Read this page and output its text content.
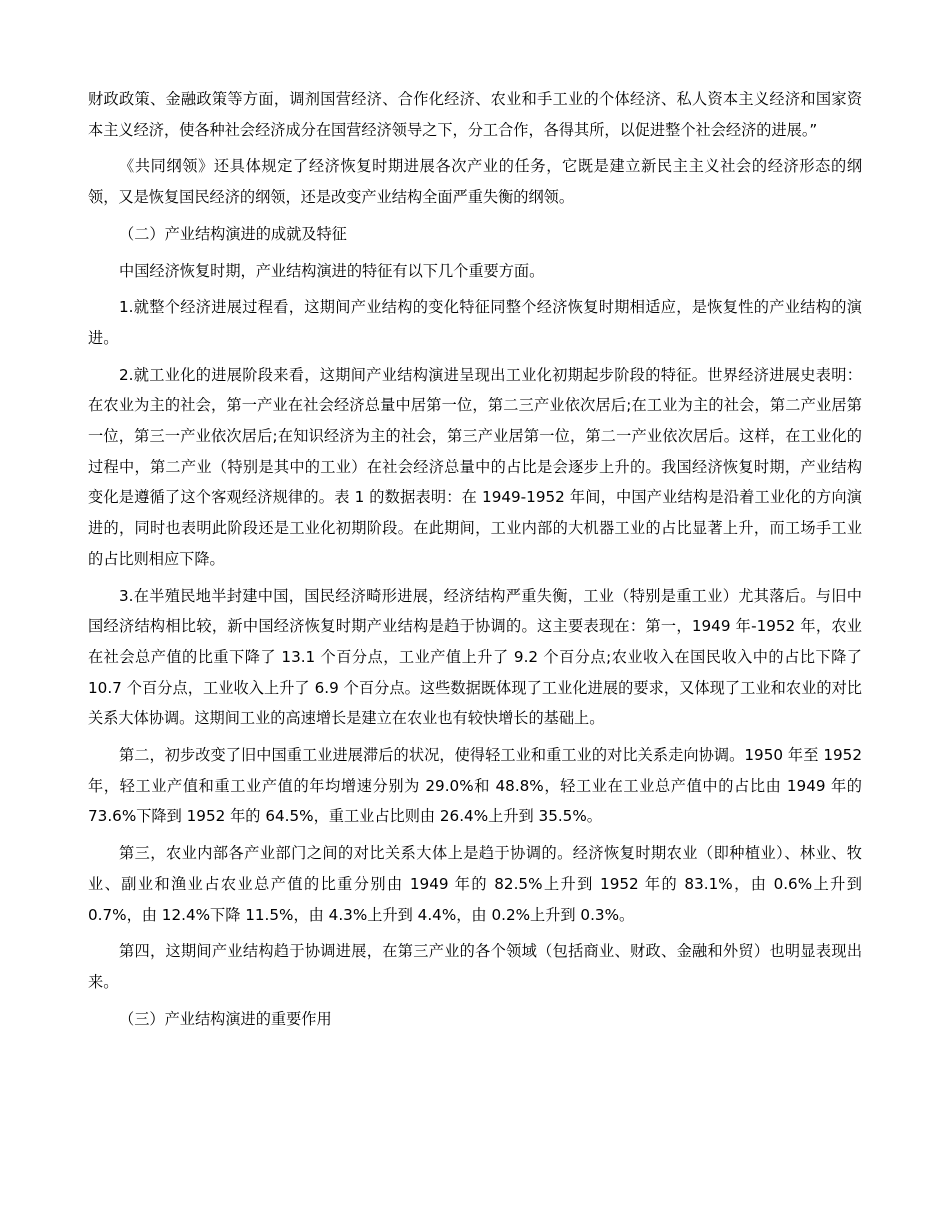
财政政策、金融政策等方面，调剂国营经济、合作化经济、农业和手工业的个体经济、私人资本主义经济和国家资本主义经济，使各种社会经济成分在国营经济领导之下，分工合作，各得其所，以促进整个社会经济的进展。”

《共同纲领》还具体规定了经济恢复时期进展各次产业的任务，它既是建立新民主主义社会的经济形态的纲领，又是恢复国民经济的纲领，还是改变产业结构全面严重失衡的纲领。

（二）产业结构演进的成就及特征

中国经济恢复时期，产业结构演进的特征有以下几个重要方面。

1.就整个经济进展过程看，这期间产业结构的变化特征同整个经济恢复时期相适应，是恢复性的产业结构的演进。

2.就工业化的进展阶段来看，这期间产业结构演进呈现出工业化初期起步阶段的特征。世界经济进展史表明：在农业为主的社会，第一产业在社会经济总量中居第一位，第二三产业依次居后;在工业为主的社会，第二产业居第一位，第三一产业依次居后;在知识经济为主的社会，第三产业居第一位，第二一产业依次居后。这样，在工业化的过程中，第二产业（特别是其中的工业）在社会经济总量中的占比是会逐步上升的。我国经济恢复时期，产业结构变化是遵循了这个客观经济规律的。表 1 的数据表明：在 1949-1952 年间，中国产业结构是沿着工业化的方向演进的，同时也表明此阶段还是工业化初期阶段。在此期间，工业内部的大机器工业的占比显著上升，而工场手工业的占比则相应下降。

3.在半殖民地半封建中国，国民经济畸形进展，经济结构严重失衡，工业（特别是重工业）尤其落后。与旧中国经济结构相比较，新中国经济恢复时期产业结构是趋于协调的。这主要表现在：第一，1949 年-1952 年，农业在社会总产值的比重下降了 13.1 个百分点，工业产值上升了 9.2 个百分点;农业收入在国民收入中的占比下降了 10.7 个百分点，工业收入上升了 6.9 个百分点。这些数据既体现了工业化进展的要求，又体现了工业和农业的对比关系大体协调。这期间工业的高速增长是建立在农业也有较快增长的基础上。

第二，初步改变了旧中国重工业进展滞后的状况，使得轻工业和重工业的对比关系走向协调。1950 年至 1952 年，轻工业产值和重工业产值的年均增速分别为 29.0%和 48.8%，轻工业在工业总产值中的占比由 1949 年的 73.6%下降到 1952 年的 64.5%，重工业占比则由 26.4%上升到 35.5%。

第三，农业内部各产业部门之间的对比关系大体上是趋于协调的。经济恢复时期农业（即种植业）、林业、牧业、副业和渔业占农业总产值的比重分别由 1949 年的 82.5%上升到 1952 年的 83.1%，由 0.6%上升到 0.7%，由 12.4%下降 11.5%，由 4.3%上升到 4.4%，由 0.2%上升到 0.3%。

第四，这期间产业结构趋于协调进展，在第三产业的各个领域（包括商业、财政、金融和外贸）也明显表现出来。

（三）产业结构演进的重要作用
